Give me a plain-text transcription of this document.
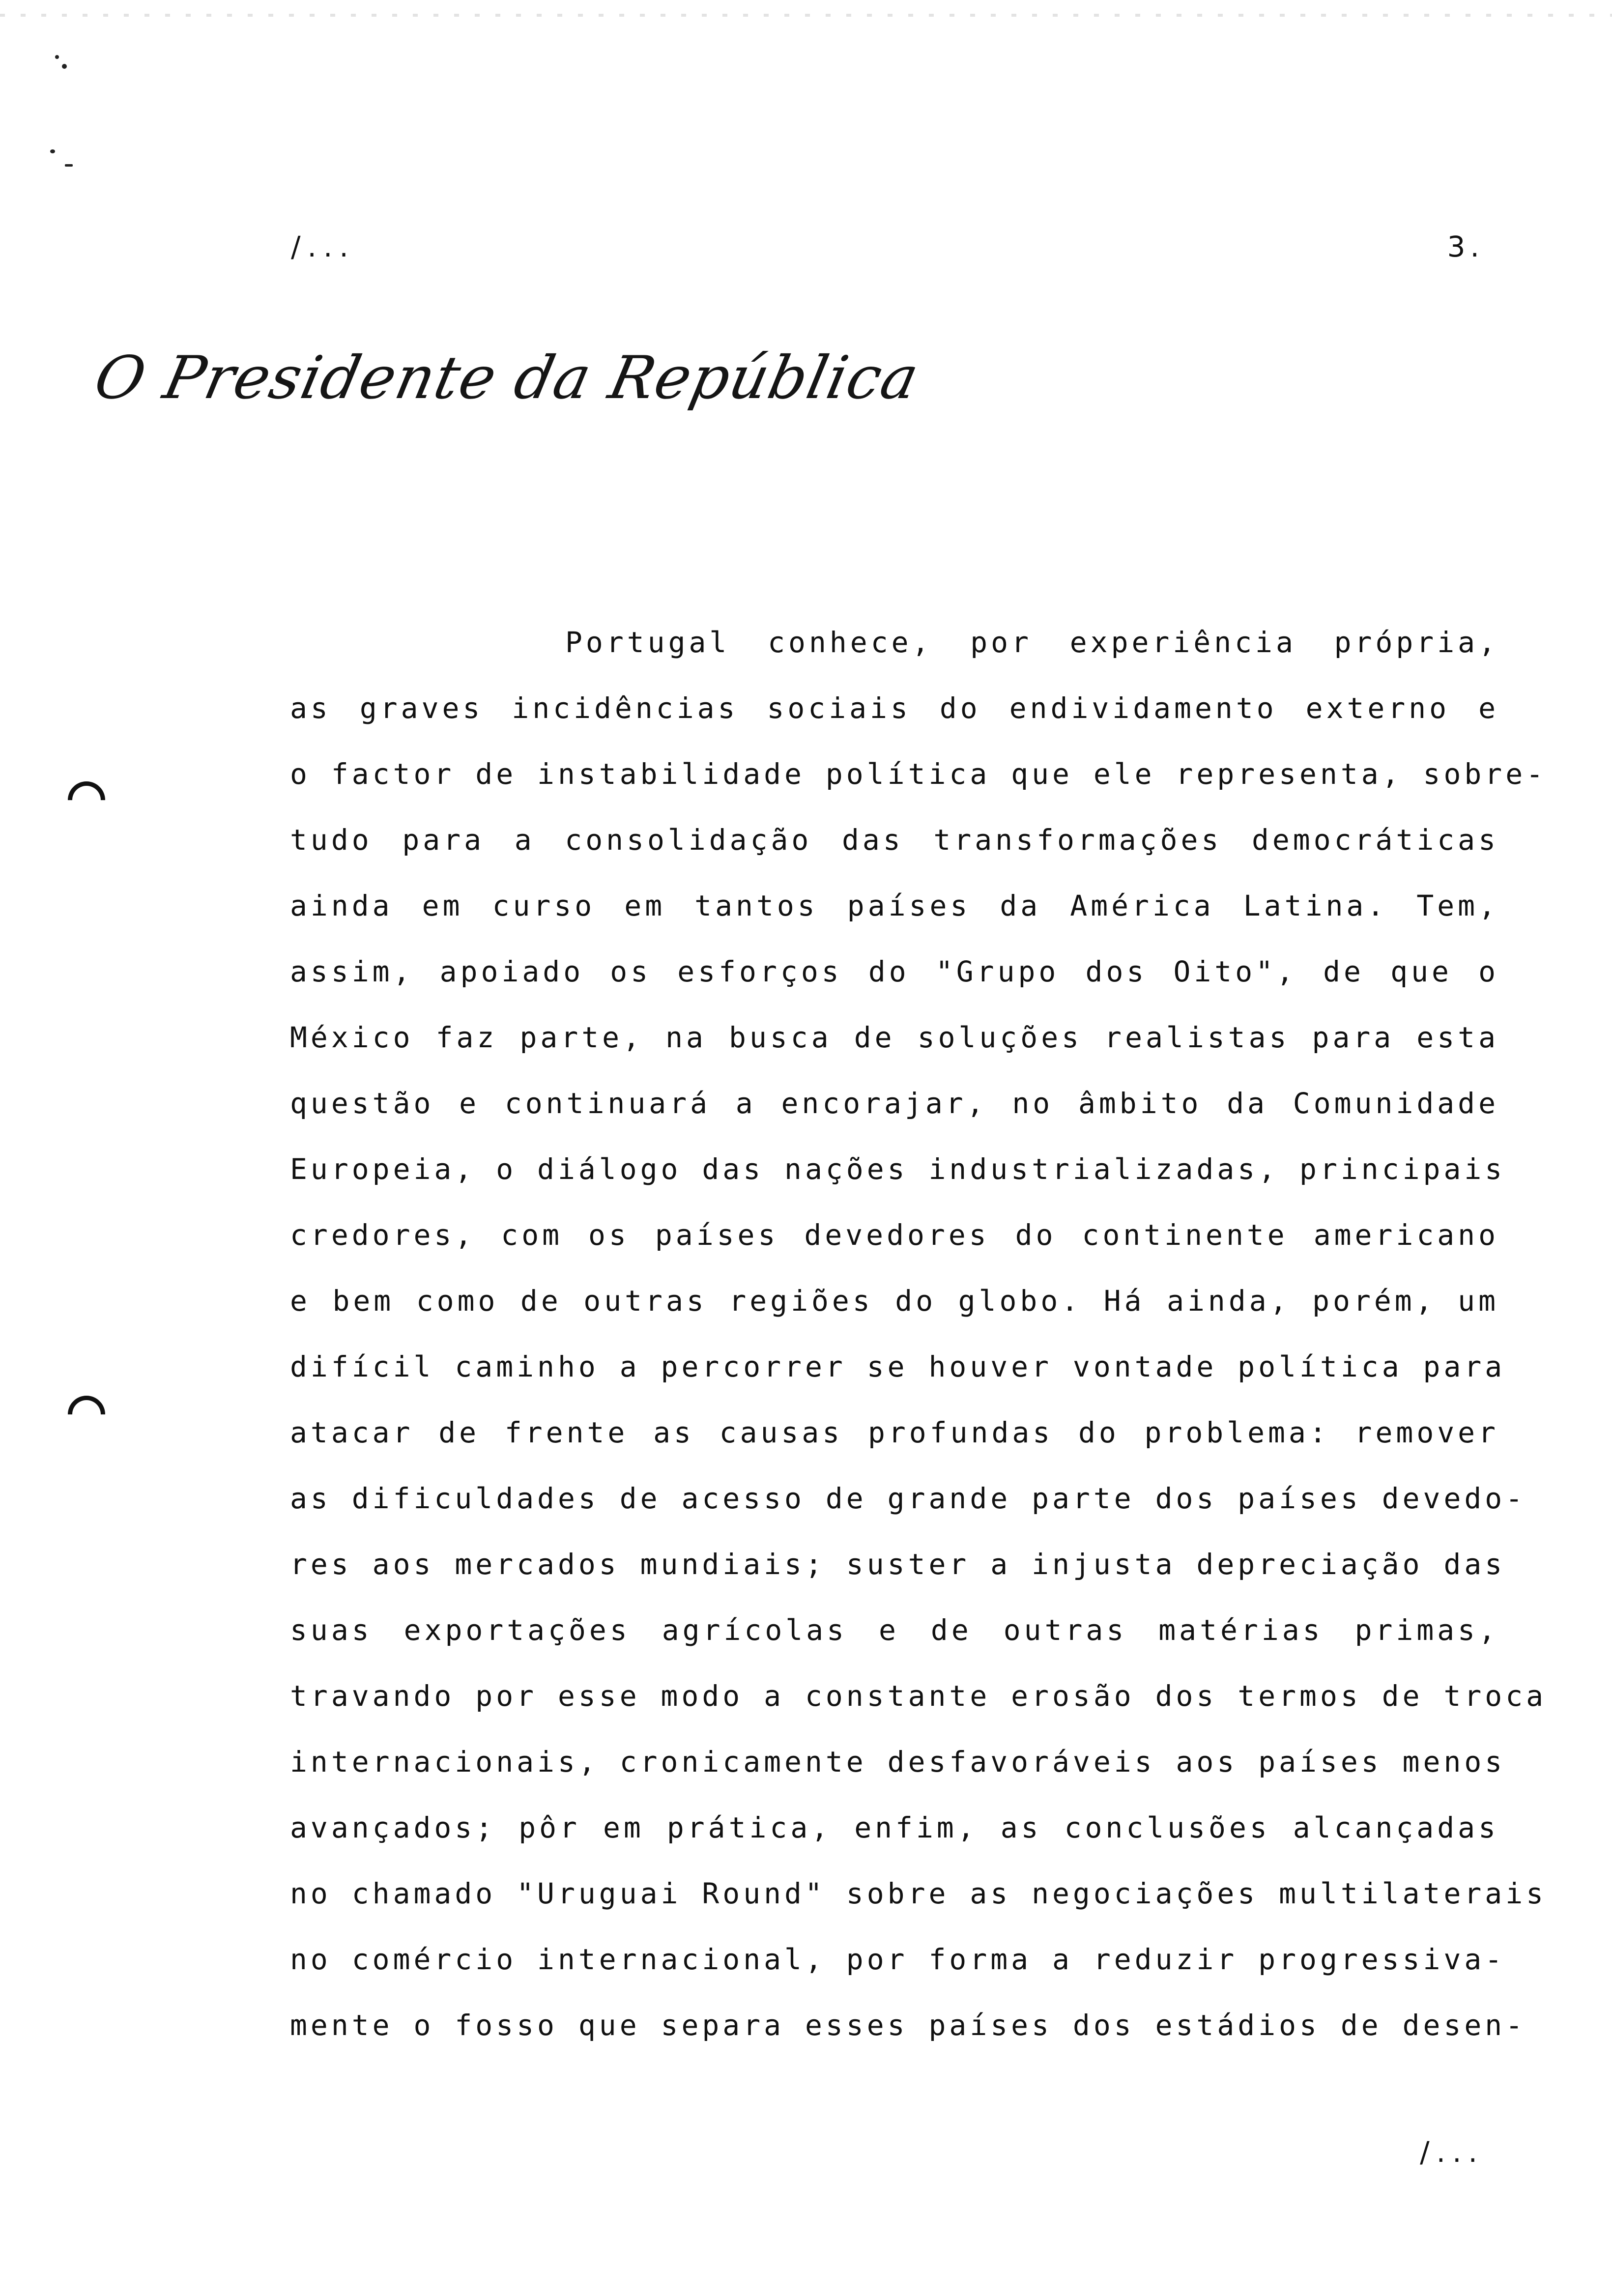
/...	3.
O Presidente da República
Portugal conhece, por experiência própria,
as graves incidências sociais do endividamento externo e
o factor de instabilidade política que ele representa, sobre-
tudo para a consolidação das transformações democráticas
ainda em curso em tantos países da América Latina. Tem,
assim, apoiado os esforços do "Grupo dos Oito", de que o
México faz parte, na busca de soluções realistas para esta
questão e continuará a encorajar, no âmbito da Comunidade
Europeia, o diálogo das nações industrializadas, principais
credores, com os países devedores do continente americano
e bem como de outras regiões do globo. Há ainda, porém, um
difícil caminho a percorrer se houver vontade política para
atacar de frente as causas profundas do problema: remover
as dificuldades de acesso de grande parte dos países devedo-
res aos mercados mundiais; suster a injusta depreciação das
suas exportações agrícolas e de outras matérias primas,
travando por esse modo a constante erosão dos termos de troca
internacionais, cronicamente desfavoráveis aos países menos
avançados; pôr em prática, enfim, as conclusões alcançadas
no chamado "Uruguai Round" sobre as negociações multilaterais
no comércio internacional, por forma a reduzir progressiva-
mente o fosso que separa esses países dos estádios de desen-
/...
